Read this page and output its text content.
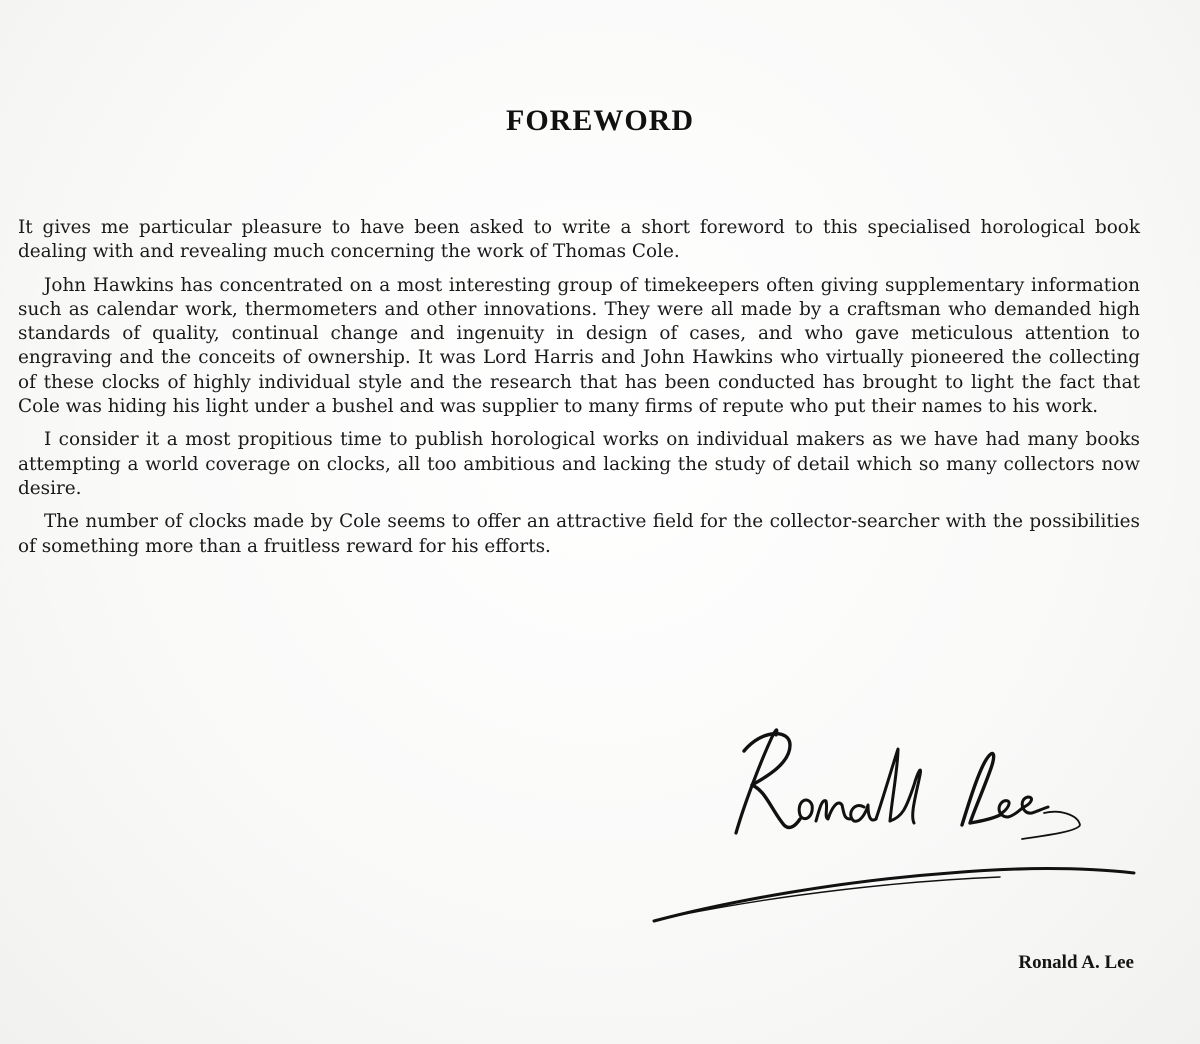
FOREWORD

It gives me particular pleasure to have been asked to write a short foreword to this specialised horological book dealing with and revealing much concerning the work of Thomas Cole.

John Hawkins has concentrated on a most interesting group of timekeepers often giving supplementary information such as calendar work, thermometers and other innovations. They were all made by a craftsman who demanded high standards of quality, continual change and ingenuity in design of cases, and who gave meticulous attention to engraving and the conceits of ownership. It was Lord Harris and John Hawkins who virtually pioneered the collecting of these clocks of highly individual style and the research that has been conducted has brought to light the fact that Cole was hiding his light under a bushel and was supplier to many firms of repute who put their names to his work.

I consider it a most propitious time to publish horological works on individual makers as we have had many books attempting a world coverage on clocks, all too ambitious and lacking the study of detail which so many collectors now desire.

The number of clocks made by Cole seems to offer an attractive field for the collector-searcher with the possibilities of something more than a fruitless reward for his efforts.

Ronald A. Lee
